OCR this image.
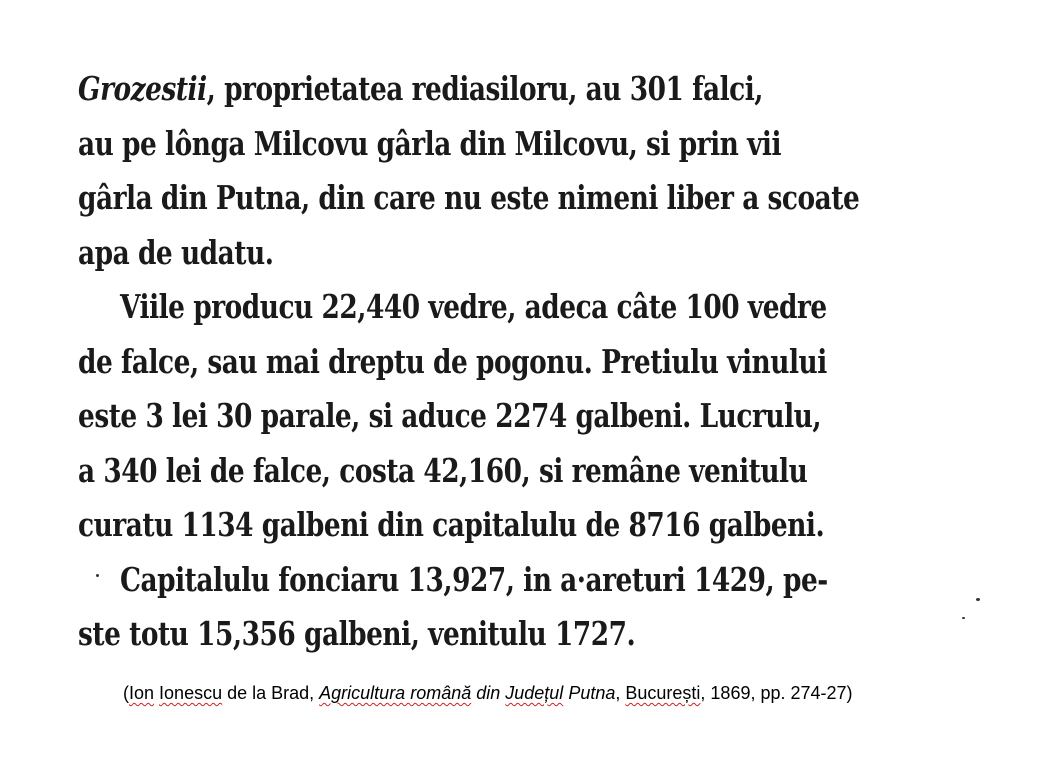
Grozestii, proprietatea rediasiloru, au 301 falci,
au pe lônga Milcovu gârla din Milcovu, si prin vii
gârla din Putna, din care nu este nimeni liber a scoate
apa de udatu.
Viile producu 22,440 vedre, adeca câte 100 vedre
de falce, sau mai dreptu de pogonu. Pretiulu vinului
este 3 lei 30 parale, si aduce 2274 galbeni. Lucrulu,
a 340 lei de falce, costa 42,160, si remâne venitulu
curatu 1134 galbeni din capitalulu de 8716 galbeni.
Capitalulu fonciaru 13,927, in a·areturi 1429, pe-
ste totu 15,356 galbeni, venitulu 1727.
(Ion Ionescu de la Brad, Agricultura română din Județul Putna, București, 1869, pp. 274-27)
